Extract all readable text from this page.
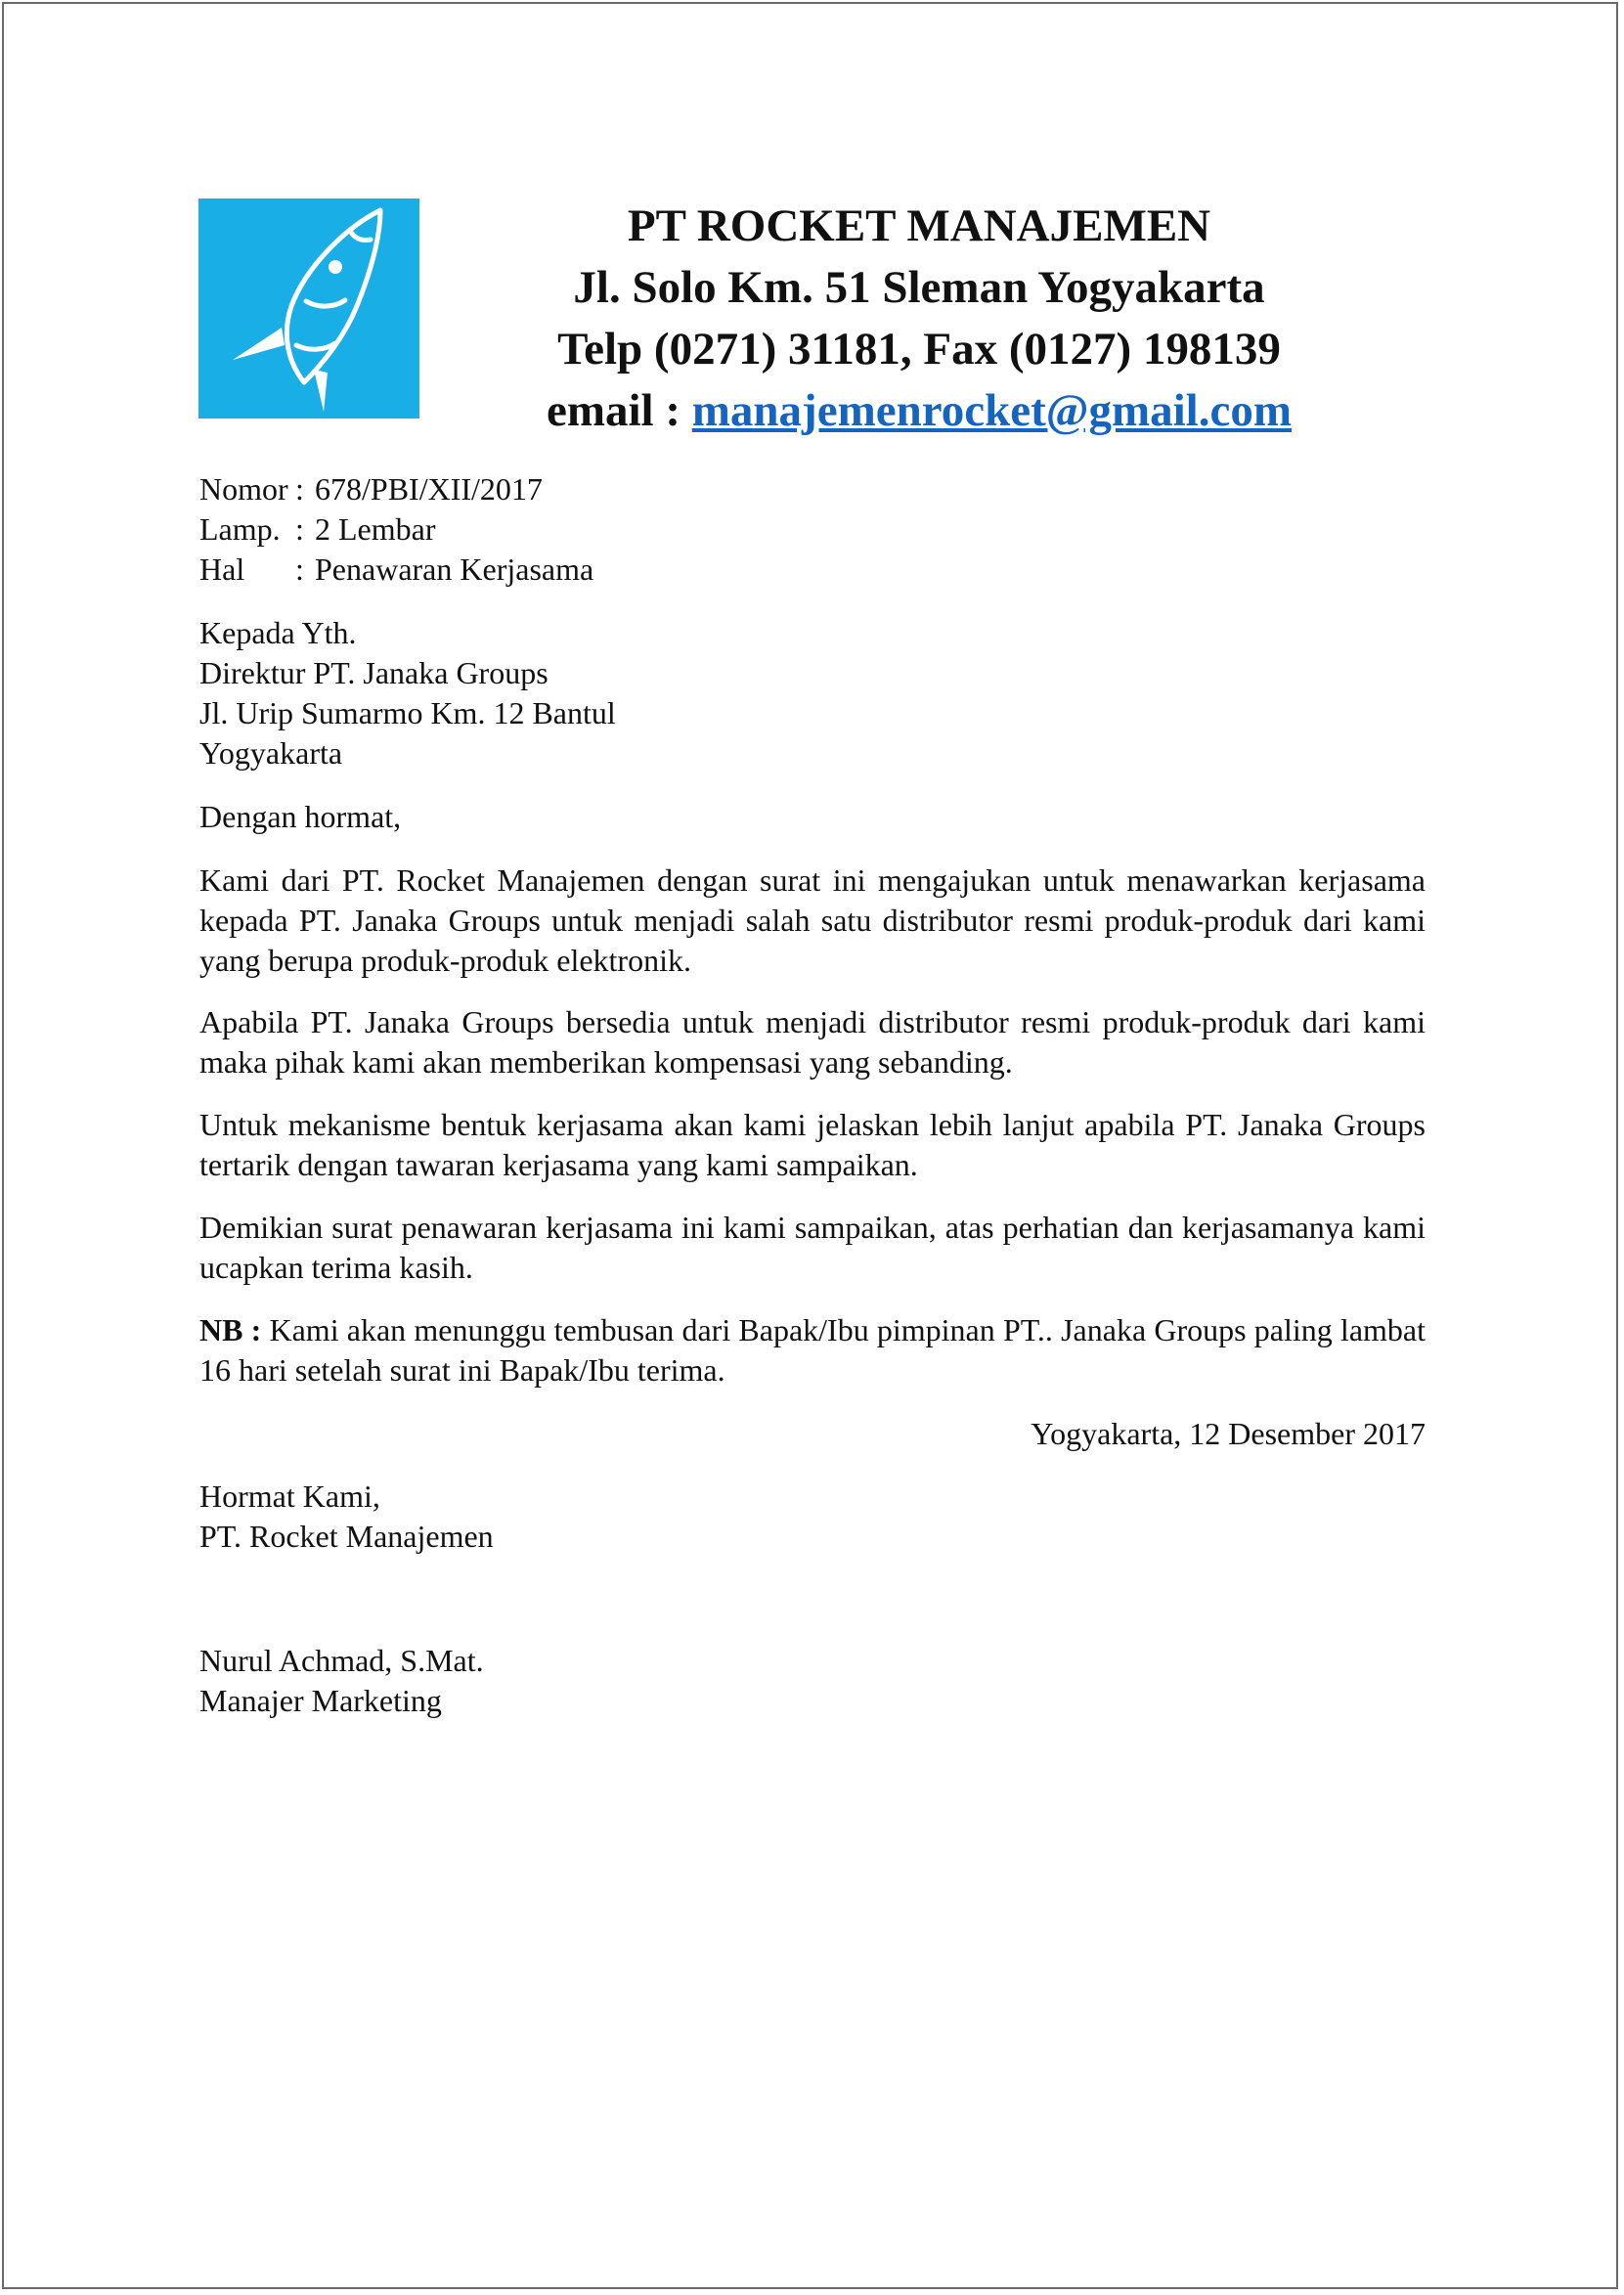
PT ROCKET MANAJEMEN
Jl. Solo Km. 51 Sleman Yogyakarta
Telp (0271) 31181, Fax (0127) 198139
email : manajemenrocket@gmail.com
Nomor : 678/PBI/XII/2017
Lamp. : 2 Lembar
Hal	: Penawaran Kerjasama
Kepada Yth.
Direktur PT. Janaka Groups
Jl. Urip Sumarmo Km. 12 Bantul
Yogyakarta
Dengan hormat,
Kami dari PT. Rocket Manajemen dengan surat ini mengajukan untuk menawarkan kerjasama kepada PT. Janaka Groups untuk menjadi salah satu distributor resmi produk-produk dari kami yang berupa produk-produk elektronik.
Apabila PT. Janaka Groups bersedia untuk menjadi distributor resmi produk-produk dari kami maka pihak kami akan memberikan kompensasi yang sebanding.
Untuk mekanisme bentuk kerjasama akan kami jelaskan lebih lanjut apabila PT. Janaka Groups tertarik dengan tawaran kerjasama yang kami sampaikan.
Demikian surat penawaran kerjasama ini kami sampaikan, atas perhatian dan kerjasamanya kami ucapkan terima kasih.
NB : Kami akan menunggu tembusan dari Bapak/Ibu pimpinan PT.. Janaka Groups paling lambat 16 hari setelah surat ini Bapak/Ibu terima.
Yogyakarta, 12 Desember 2017
Hormat Kami,
PT. Rocket Manajemen
Nurul Achmad, S.Mat.
Manajer Marketing
